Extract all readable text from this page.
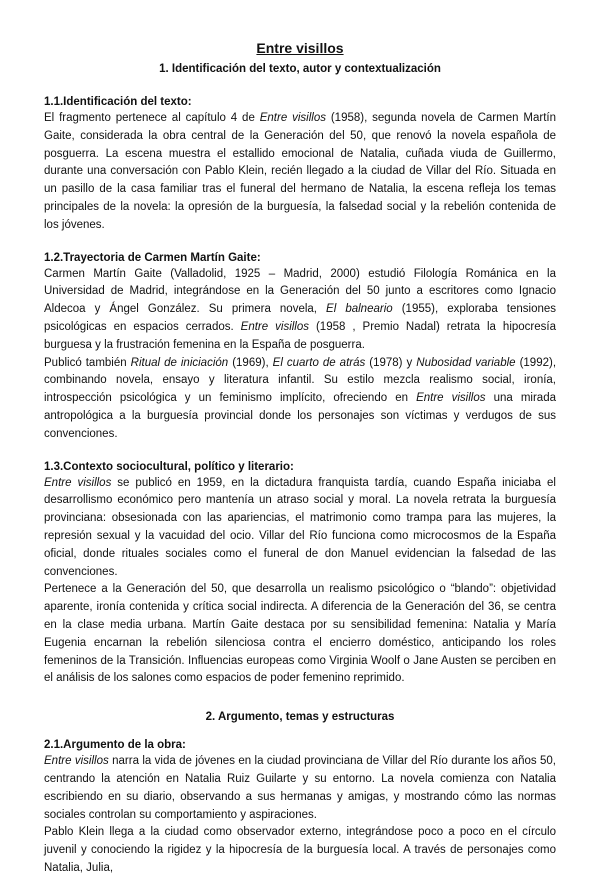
Entre visillos
1. Identificación del texto, autor y contextualización
1.1.Identificación del texto:

El fragmento pertenece al capítulo 4 de Entre visillos (1958), segunda novela de Carmen Martín Gaite, considerada la obra central de la Generación del 50, que renovó la novela española de posguerra. La escena muestra el estallido emocional de Natalia, cuñada viuda de Guillermo, durante una conversación con Pablo Klein, recién llegado a la ciudad de Villar del Río. Situada en un pasillo de la casa familiar tras el funeral del hermano de Natalia, la escena refleja los temas principales de la novela: la opresión de la burguesía, la falsedad social y la rebelión contenida de los jóvenes.

1.2.Trayectoria de Carmen Martín Gaite:

Carmen Martín Gaite (Valladolid, 1925 – Madrid, 2000) estudió Filología Románica en la Universidad de Madrid, integrándose en la Generación del 50 junto a escritores como Ignacio Aldecoa y Ángel González. Su primera novela, El balneario (1955), exploraba tensiones psicológicas en espacios cerrados. Entre visillos (1958 , Premio Nadal) retrata la hipocresía burguesa y la frustración femenina en la España de posguerra.

Publicó también Ritual de iniciación (1969), El cuarto de atrás (1978) y Nubosidad variable (1992), combinando novela, ensayo y literatura infantil. Su estilo mezcla realismo social, ironía, introspección psicológica y un feminismo implícito, ofreciendo en Entre visillos una mirada antropológica a la burguesía provincial donde los personajes son víctimas y verdugos de sus convenciones.

1.3.Contexto sociocultural, político y literario:

Entre visillos se publicó en 1959, en la dictadura franquista tardía, cuando España iniciaba el desarrollismo económico pero mantenía un atraso social y moral. La novela retrata la burguesía provinciana: obsesionada con las apariencias, el matrimonio como trampa para las mujeres, la represión sexual y la vacuidad del ocio. Villar del Río funciona como microcosmos de la España oficial, donde rituales sociales como el funeral de don Manuel evidencian la falsedad de las convenciones.

Pertenece a la Generación del 50, que desarrolla un realismo psicológico o “blando”: objetividad aparente, ironía contenida y crítica social indirecta. A diferencia de la Generación del 36, se centra en la clase media urbana. Martín Gaite destaca por su sensibilidad femenina: Natalia y María Eugenia encarnan la rebelión silenciosa contra el encierro doméstico, anticipando los roles femeninos de la Transición. Influencias europeas como Virginia Woolf o Jane Austen se perciben en el análisis de los salones como espacios de poder femenino reprimido.

2. Argumento, temas y estructuras
2.1.Argumento de la obra:

Entre visillos narra la vida de jóvenes en la ciudad provinciana de Villar del Río durante los años 50, centrando la atención en Natalia Ruiz Guilarte y su entorno. La novela comienza con Natalia escribiendo en su diario, observando a sus hermanas y amigas, y mostrando cómo las normas sociales controlan su comportamiento y aspiraciones.

Pablo Klein llega a la ciudad como observador externo, integrándose poco a poco en el círculo juvenil y conociendo la rigidez y la hipocresía de la burguesía local. A través de personajes como Natalia, Julia,
